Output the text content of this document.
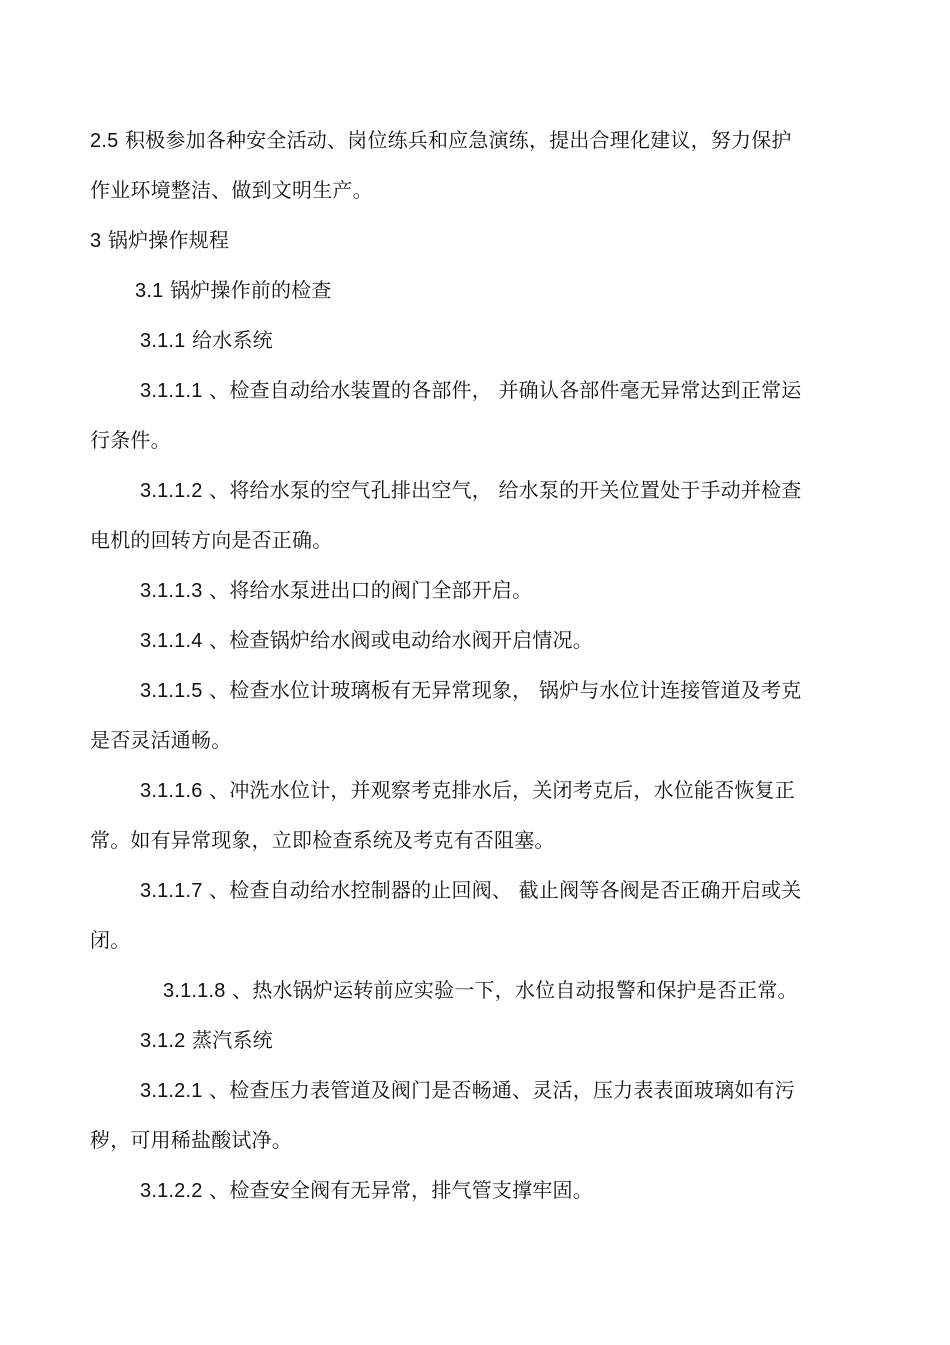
2.5 积极参加各种安全活动、岗位练兵和应急演练，提出合理化建议，努力保护
作业环境整洁、做到文明生产。
3 锅炉操作规程
3.1 锅炉操作前的检查
3.1.1 给水系统
3.1.1.1 、检查自动给水装置的各部件， 并确认各部件毫无异常达到正常运
行条件。
3.1.1.2 、将给水泵的空气孔排出空气， 给水泵的开关位置处于手动并检查
电机的回转方向是否正确。
3.1.1.3 、将给水泵进出口的阀门全部开启。
3.1.1.4 、检查锅炉给水阀或电动给水阀开启情况。
3.1.1.5 、检查水位计玻璃板有无异常现象， 锅炉与水位计连接管道及考克
是否灵活通畅。
3.1.1.6 、冲洗水位计，并观察考克排水后，关闭考克后，水位能否恢复正
常。如有异常现象，立即检查系统及考克有否阻塞。
3.1.1.7 、检查自动给水控制器的止回阀、 截止阀等各阀是否正确开启或关
闭。
3.1.1.8 、热水锅炉运转前应实验一下，水位自动报警和保护是否正常。
3.1.2 蒸汽系统
3.1.2.1 、检查压力表管道及阀门是否畅通、灵活，压力表表面玻璃如有污
秽，可用稀盐酸试净。
3.1.2.2 、检查安全阀有无异常，排气管支撑牢固。
